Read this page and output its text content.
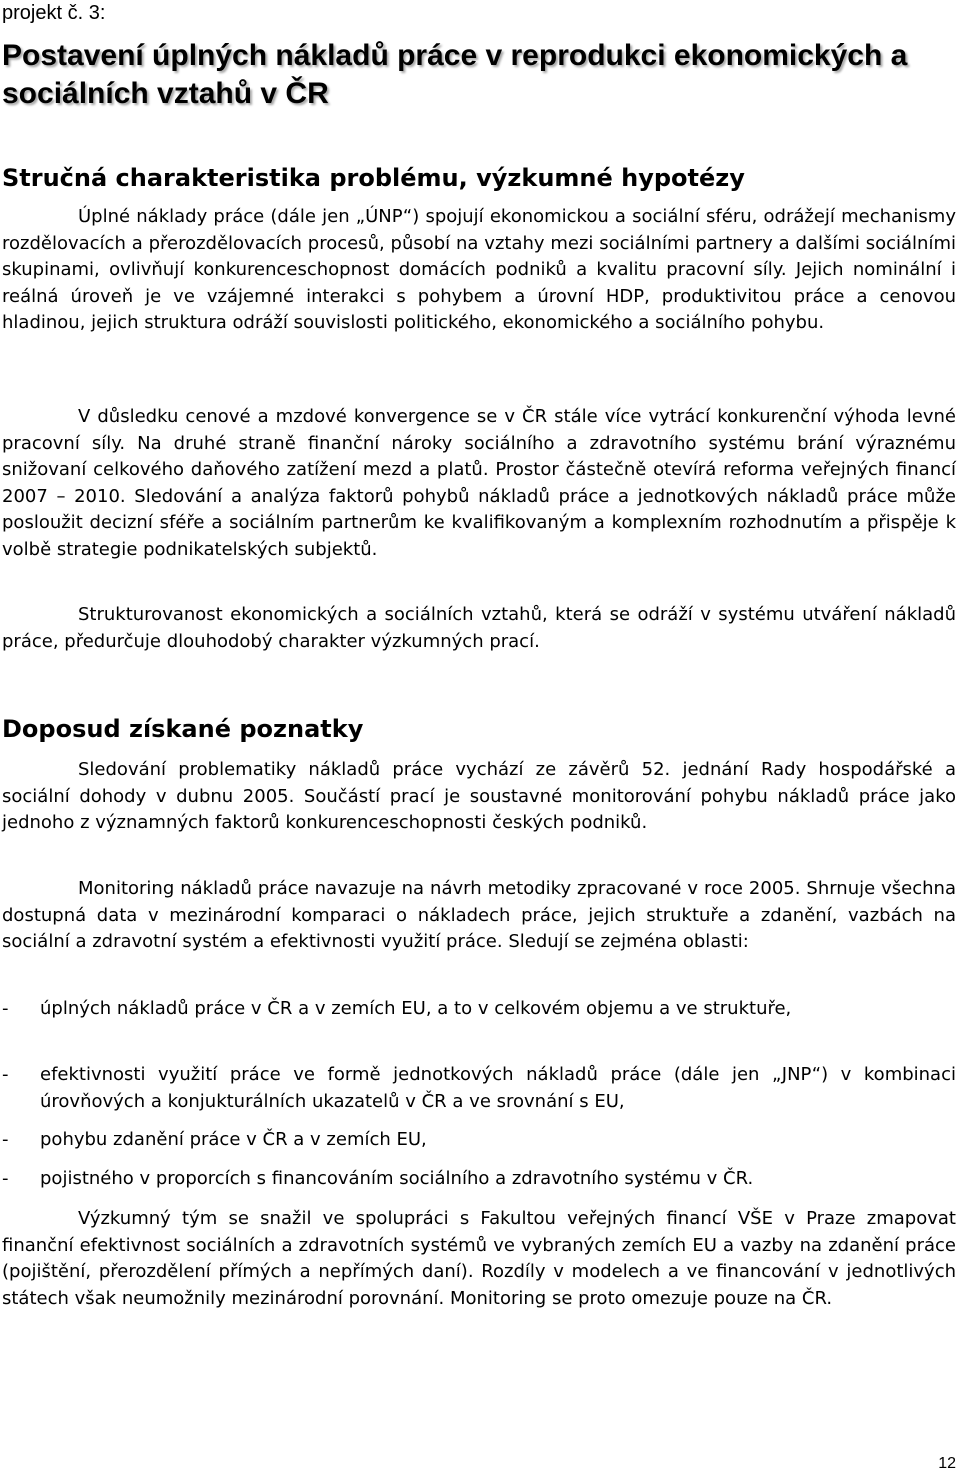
projekt č. 3:
Postavení úplných nákladů práce v reprodukci ekonomických a sociálních vztahů v ČR
Stručná charakteristika problému, výzkumné hypotézy

Úplné náklady práce (dále jen „ÚNP“) spojují ekonomickou a sociální sféru, odrážejí mechanismy rozdělovacích a přerozdělovacích procesů, působí na vztahy mezi sociálními partnery a dalšími sociálními skupinami, ovlivňují konkurenceschopnost domácích podniků a kvalitu pracovní síly. Jejich nominální i reálná úroveň je ve vzájemné interakci s pohybem a úrovní HDP, produktivitou práce a cenovou hladinou, jejich struktura odráží souvislosti politického, ekonomického a sociálního pohybu.

V důsledku cenové a mzdové konvergence se v ČR stále více vytrácí konkurenční výhoda levné pracovní síly. Na druhé straně finanční nároky sociálního a zdravotního systému brání výraznému snižovaní celkového daňového zatížení mezd a platů. Prostor částečně otevírá reforma veřejných financí 2007 – 2010. Sledování a analýza faktorů pohybů nákladů práce a jednotkových nákladů práce může posloužit decizní sféře a sociálním partnerům ke kvalifikovaným a komplexním rozhodnutím a přispěje k volbě strategie podnikatelských subjektů.

Strukturovanost ekonomických a sociálních vztahů, která se odráží v systému utváření nákladů práce, předurčuje dlouhodobý charakter výzkumných prací.

Doposud získané poznatky

Sledování problematiky nákladů práce vychází ze závěrů 52. jednání Rady hospodářské a sociální dohody v dubnu 2005. Součástí prací je soustavné monitorování pohybu nákladů práce jako jednoho z významných faktorů konkurenceschopnosti českých podniků.

Monitoring nákladů práce navazuje na návrh metodiky zpracované v roce 2005. Shrnuje všechna dostupná data v mezinárodní komparaci o nákladech práce, jejich struktuře a zdanění, vazbách na sociální a zdravotní systém a efektivnosti využití práce. Sledují se zejména oblasti:

- úplných nákladů práce v ČR a v zemích EU, a to v celkovém objemu a ve struktuře,
- efektivnosti využití práce ve formě jednotkových nákladů práce (dále jen „JNP“) v kombinaci úrovňových a konjukturálních ukazatelů v ČR a ve srovnání s EU,
- pohybu zdanění práce v ČR a v zemích EU,
- pojistného v proporcích s financováním sociálního a zdravotního systému v ČR.

Výzkumný tým se snažil ve spolupráci s Fakultou veřejných financí VŠE v Praze zmapovat finanční efektivnost sociálních a zdravotních systémů ve vybraných zemích EU a vazby na zdanění práce (pojištění, přerozdělení přímých a nepřímých daní). Rozdíly v modelech a ve financování v jednotlivých státech však neumožnily mezinárodní porovnání. Monitoring se proto omezuje pouze na ČR.

12
